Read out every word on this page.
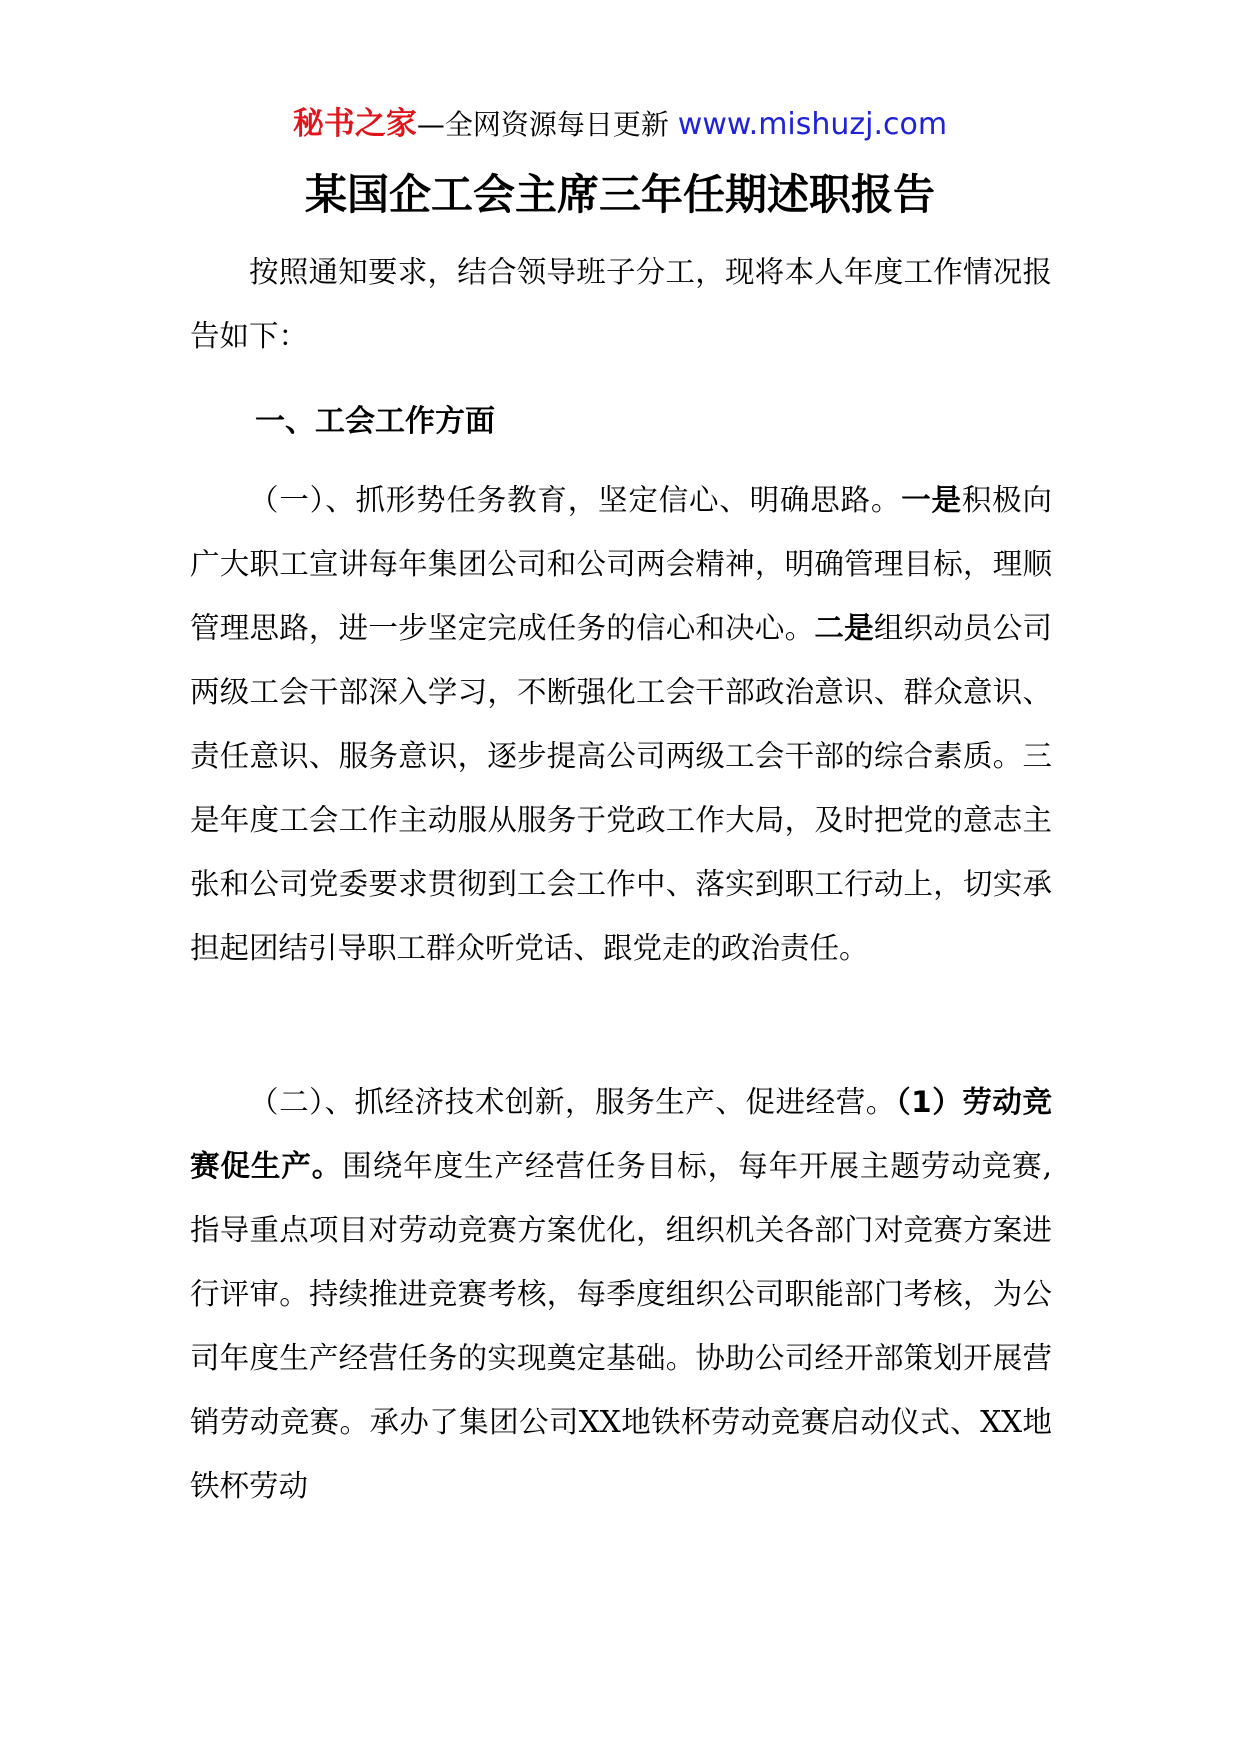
秘书之家—全网资源每日更新 www.mishuzj.com
某国企工会主席三年任期述职报告

按照通知要求，结合领导班子分工，现将本人年度工作情况报告如下：

一、工会工作方面

（一）、抓形势任务教育，坚定信心、明确思路。一是积极向广大职工宣讲每年集团公司和公司两会精神，明确管理目标，理顺管理思路，进一步坚定完成任务的信心和决心。二是组织动员公司两级工会干部深入学习，不断强化工会干部政治意识、群众意识、责任意识、服务意识，逐步提高公司两级工会干部的综合素质。三是年度工会工作主动服从服务于党政工作大局，及时把党的意志主张和公司党委要求贯彻到工会工作中、落实到职工行动上，切实承担起团结引导职工群众听党话、跟党走的政治责任。

（二）、抓经济技术创新，服务生产、促进经营。（1）劳动竞赛促生产。围绕年度生产经营任务目标，每年开展主题劳动竞赛,指导重点项目对劳动竞赛方案优化，组织机关各部门对竞赛方案进行评审。持续推进竞赛考核，每季度组织公司职能部门考核，为公司年度生产经营任务的实现奠定基础。协助公司经开部策划开展营销劳动竞赛。承办了集团公司XX地铁杯劳动竞赛启动仪式、XX地铁杯劳动
